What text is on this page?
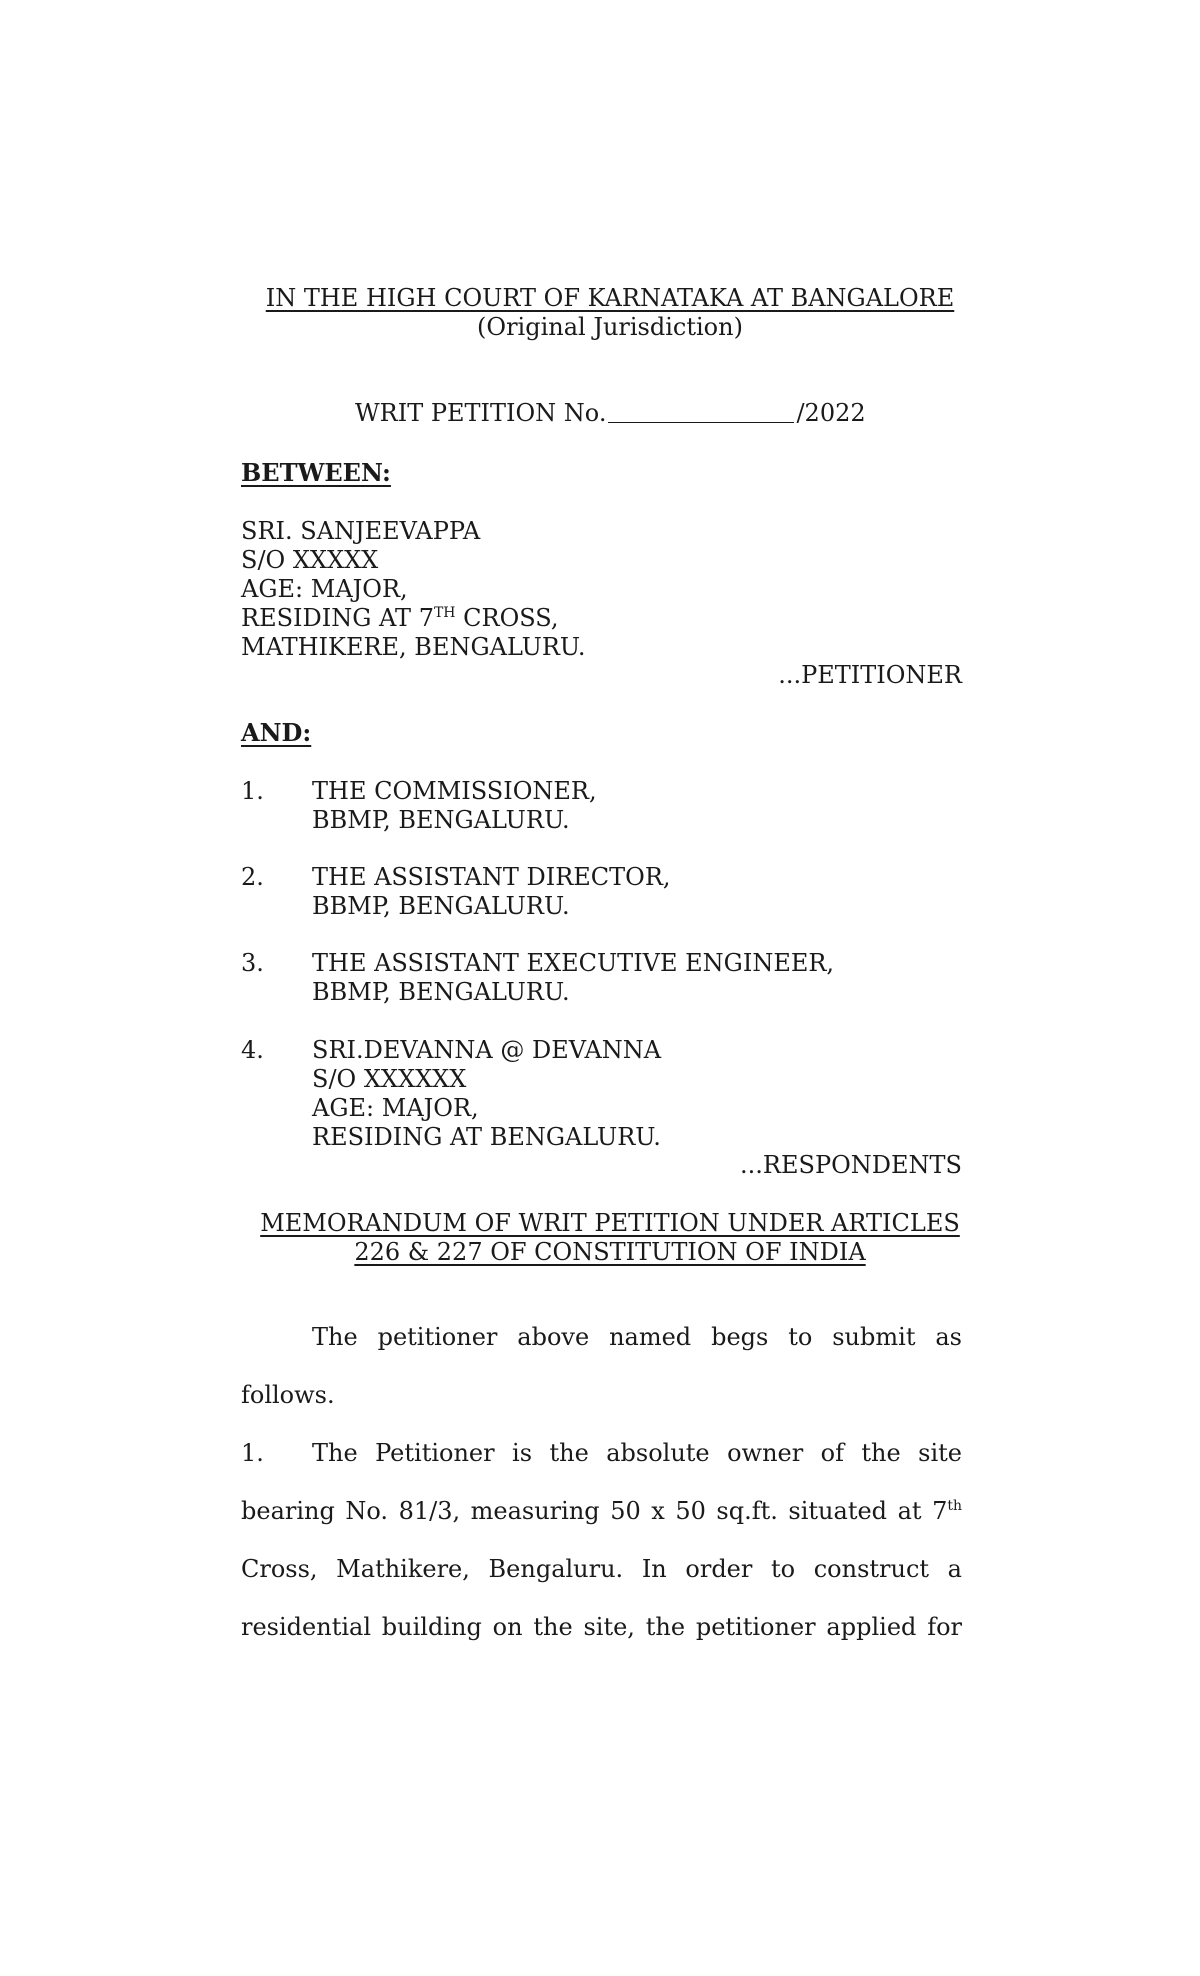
IN THE HIGH COURT OF KARNATAKA AT BANGALORE
(Original Jurisdiction)
WRIT PETITION No.	/2022
BETWEEN:
SRI. SANJEEVAPPA
S/O XXXXX
AGE: MAJOR,
RESIDING AT 7TH CROSS,
MATHIKERE, BENGALURU.
...PETITIONER
AND:
1. THE COMMISSIONER,
BBMP, BENGALURU.
2. THE ASSISTANT DIRECTOR,
BBMP, BENGALURU.
3. THE ASSISTANT EXECUTIVE ENGINEER,
BBMP, BENGALURU.
4. SRI.DEVANNA @ DEVANNA
S/O XXXXXX
AGE: MAJOR,
RESIDING AT BENGALURU.
...RESPONDENTS
MEMORANDUM OF WRIT PETITION UNDER ARTICLES
226 & 227 OF CONSTITUTION OF INDIA
The petitioner above named begs to submit as
follows.
1. The Petitioner is the absolute owner of the site
bearing No. 81/3, measuring 50 x 50 sq.ft. situated at 7th
Cross, Mathikere, Bengaluru. In order to construct a
residential building on the site, the petitioner applied for
